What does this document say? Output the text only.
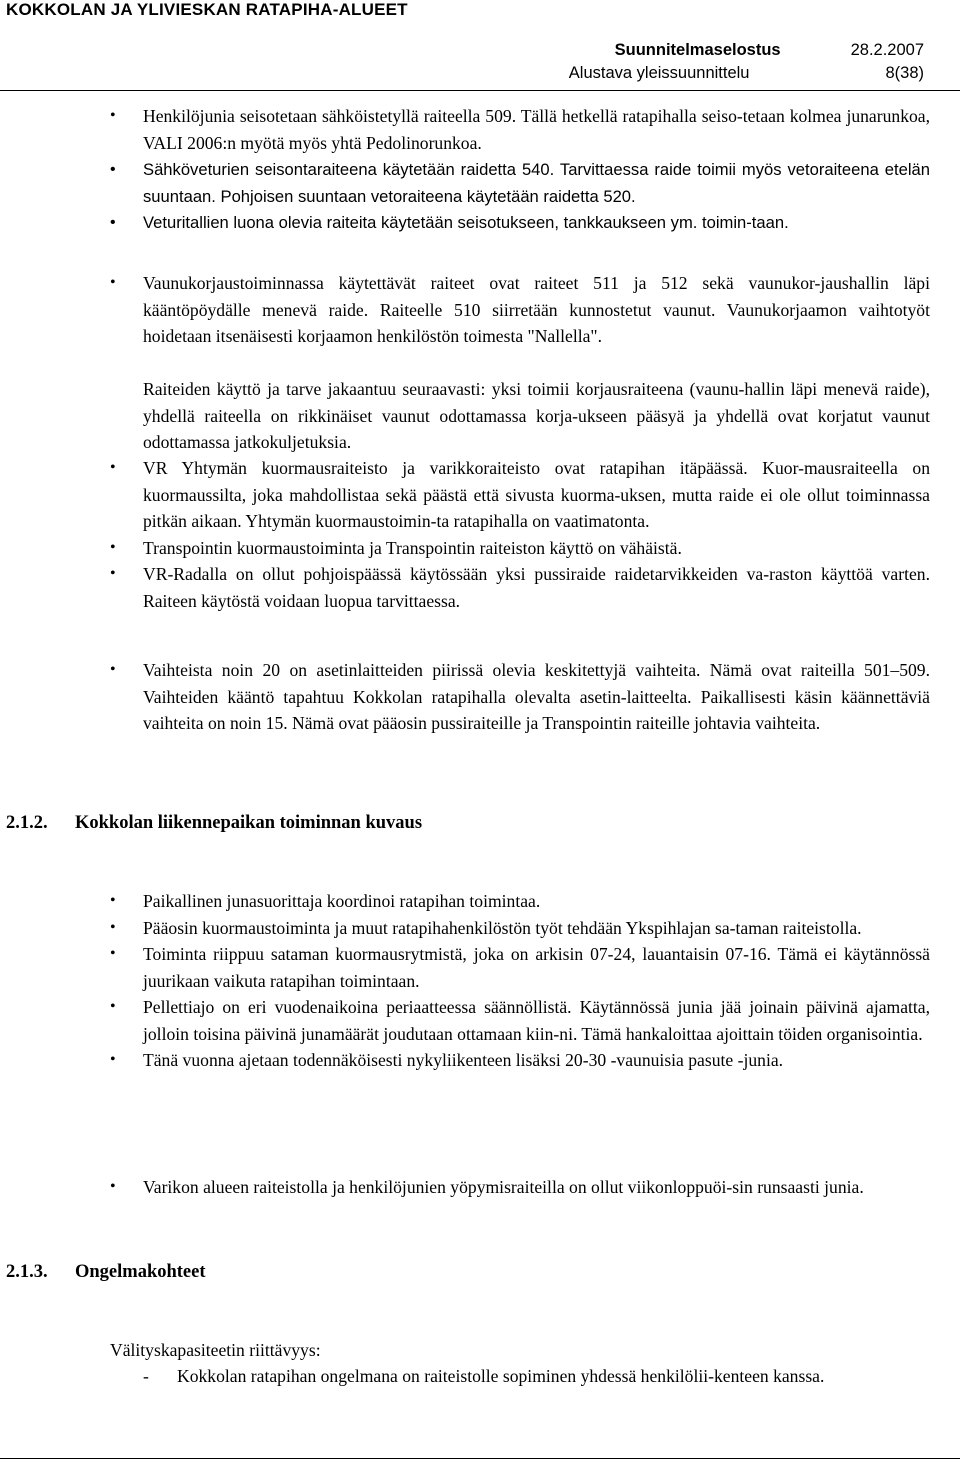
KOKKOLAN JA YLIVIESKAN RATAPIHA-ALUEET
Suunnitelmaselostus	28.2.2007
Alustava yleissuunnittelu	8(38)
• Henkilöjunia seisotetaan sähköistetyllä raiteella 509. Tällä hetkellä ratapihalla seiso-tetaan kolmea junarunkoa, VALI 2006:n myötä myös yhtä Pedolinorunkoa.
• Sähköveturien seisontaraiteena käytetään raidetta 540. Tarvittaessa raide toimii myös vetoraiteena etelän suuntaan. Pohjoisen suuntaan vetoraiteena käytetään raidetta 520.
• Veturitallien luona olevia raiteita käytetään seisotukseen, tankkaukseen ym. toimin-taan.
• Vaunukorjaustoiminnassa käytettävät raiteet ovat raiteet 511 ja 512 sekä vaunukor-jaushallin läpi kääntöpöydälle menevä raide. Raiteelle 510 siirretään kunnostetut vaunut. Vaunukorjaamon vaihtotyöt hoidetaan itsenäisesti korjaamon henkilöstön toimesta "Nallella".
Raiteiden käyttö ja tarve jakaantuu seuraavasti: yksi toimii korjausraiteena (vaunu-hallin läpi menevä raide), yhdellä raiteella on rikkinäiset vaunut odottamassa korja-ukseen pääsyä ja yhdellä ovat korjatut vaunut odottamassa jatkokuljetuksia.
• VR Yhtymän kuormausraiteisto ja varikkoraiteisto ovat ratapihan itäpäässä. Kuor-mausraiteella on kuormaussilta, joka mahdollistaa sekä päästä että sivusta kuorma-uksen, mutta raide ei ole ollut toiminnassa pitkän aikaan. Yhtymän kuormaustoimin-ta ratapihalla on vaatimatonta.
• Transpointin kuormaustoiminta ja Transpointin raiteiston käyttö on vähäistä.
• VR-Radalla on ollut pohjoispäässä käytössään yksi pussiraide raidetarvikkeiden va-raston käyttöä varten. Raiteen käytöstä voidaan luopua tarvittaessa.
• Vaihteista noin 20 on asetinlaitteiden piirissä olevia keskitettyjä vaihteita. Nämä ovat raiteilla 501–509. Vaihteiden kääntö tapahtuu Kokkolan ratapihalla olevalta asetin-laitteelta. Paikallisesti käsin käännettäviä vaihteita on noin 15. Nämä ovat pääosin pussiraiteille ja Transpointin raiteille johtavia vaihteita.
2.1.2. Kokkolan liikennepaikan toiminnan kuvaus
• Paikallinen junasuorittaja koordinoi ratapihan toimintaa.
• Pääosin kuormaustoiminta ja muut ratapihahenkilöstön työt tehdään Ykspihlajan sa-taman raiteistolla.
• Toiminta riippuu sataman kuormausrytmistä, joka on arkisin 07-24, lauantaisin 07-16. Tämä ei käytännössä juurikaan vaikuta ratapihan toimintaan.
• Pellettiajo on eri vuodenaikoina periaatteessa säännöllistä. Käytännössä junia jää joinain päivinä ajamatta, jolloin toisina päivinä junamäärät joudutaan ottamaan kiin-ni. Tämä hankaloittaa ajoittain töiden organisointia.
• Tänä vuonna ajetaan todennäköisesti nykyliikenteen lisäksi 20-30 -vaunuisia pasute -junia.
• Varikon alueen raiteistolla ja henkilöjunien yöpymisraiteilla on ollut viikonloppuöi-sin runsaasti junia.
2.1.3. Ongelmakohteet
Välityskapasiteetin riittävyys:
- Kokkolan ratapihan ongelmana on raiteistolle sopiminen yhdessä henkilölii-kenteen kanssa.
